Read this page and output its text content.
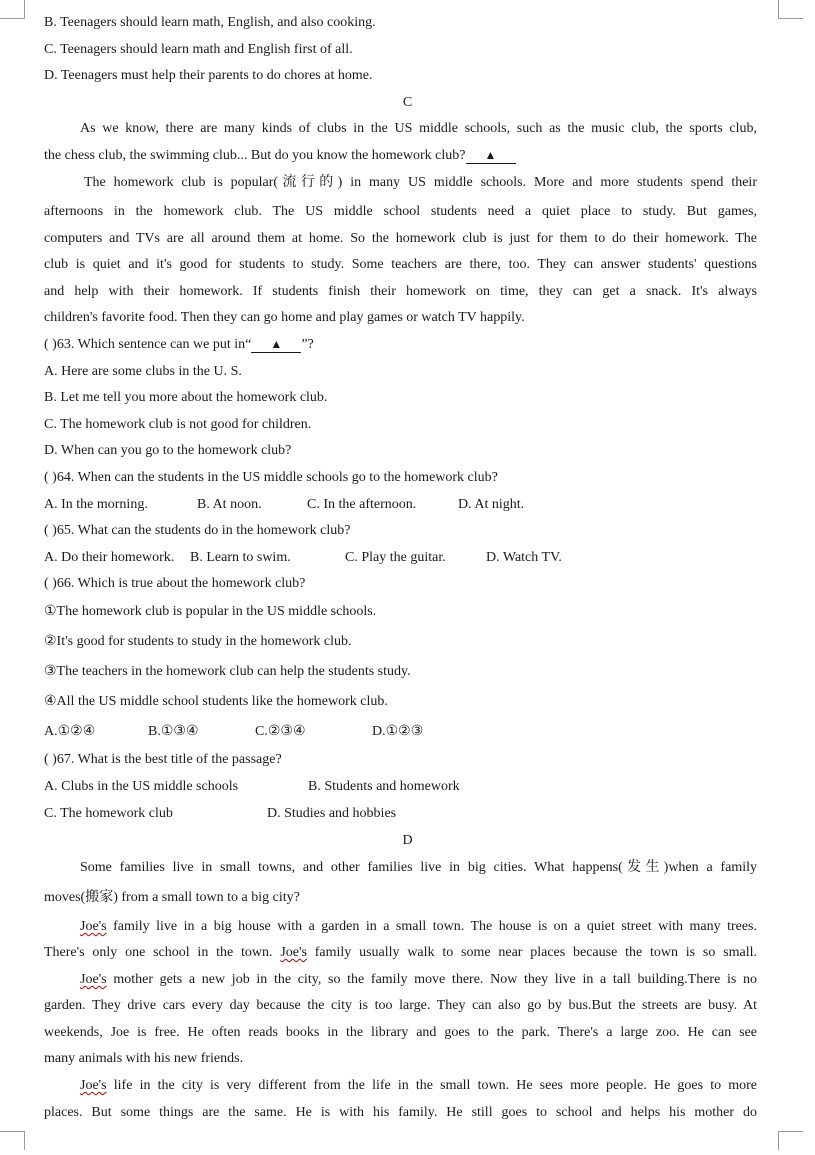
B. Teenagers should learn math, English, and also cooking.
C. Teenagers should learn math and English first of all.
D. Teenagers must help their parents to do chores at home.
C
As we know, there are many kinds of clubs in the US middle schools, such as the music club, the sports club,
the chess club, the swimming club... But do you know the homework club? ▲
The homework club is popular(流行的) in many US middle schools. More and more students spend their
afternoons in the homework club. The US middle school students need a quiet place to study. But games,
computers and TVs are all around them at home. So the homework club is just for them to do their homework. The
club is quiet and it's good for students to study. Some teachers are there, too. They can answer students' questions
and help with their homework. If students finish their homework on time, they can get a snack. It's always
children's favorite food. Then they can go home and play games or watch TV happily.
( )63. Which sentence can we put in“ ▲ ”?
A. Here are some clubs in the U. S.
B. Let me tell you more about the homework club.
C. The homework club is not good for children.
D. When can you go to the homework club?
( )64. When can the students in the US middle schools go to the homework club?
A. In the morning.	B. At noon.	C. In the afternoon.	D. At night.
( )65. What can the students do in the homework club?
A. Do their homework. B. Learn to swim.	C. Play the guitar.	D. Watch TV.
( )66. Which is true about the homework club?
①The homework club is popular in the US middle schools.
②It's good for students to study in the homework club.
③The teachers in the homework club can help the students study.
④All the US middle school students like the homework club.
A.①②④	B.①③④	C.②③④	D.①②③
( )67. What is the best title of the passage?
A. Clubs in the US middle schools	B. Students and homework
C. The homework club	D. Studies and hobbies
D
Some families live in small towns, and other families live in big cities. What happens(发生)when a family
moves(搬家) from a small town to a big city?
Joe's family live in a big house with a garden in a small town. The house is on a quiet street with many trees.
There's only one school in the town. Joe's family usually walk to some near places because the town is so small.
Joe's mother gets a new job in the city, so the family move there. Now they live in a tall building.There is no
garden. They drive cars every day because the city is too large. They can also go by bus.But the streets are busy. At
weekends, Joe is free. He often reads books in the library and goes to the park. There's a large zoo. He can see
many animals with his new friends.
Joe's life in the city is very different from the life in the small town. He sees more people. He goes to more
places. But some things are the same. He is with his family. He still goes to school and helps his mother do
